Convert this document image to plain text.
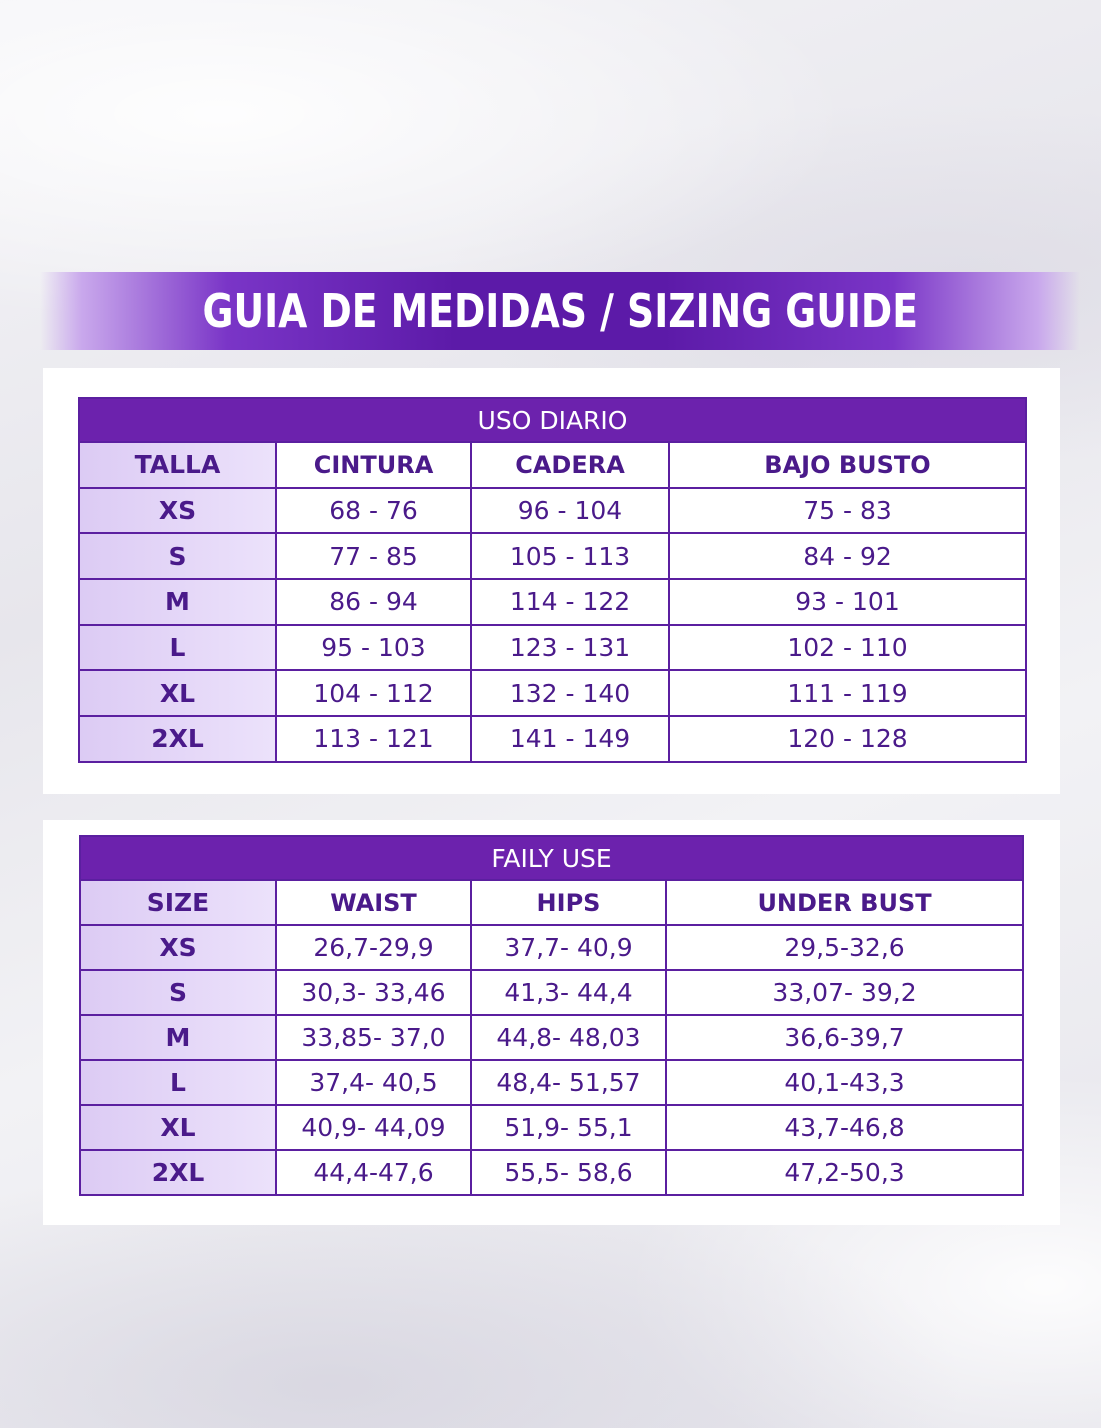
GUIA DE MEDIDAS / SIZING GUIDE
USO DIARIO			
TALLA	CINTURA	CADERA	BAJO BUSTO
XS	68 - 76	96 - 104	75 - 83
S	77 - 85	105 - 113	84 - 92
M	86 - 94	114 - 122	93 - 101
L	95 - 103	123 - 131	102 - 110
XL	104 - 112	132 - 140	111 - 119
2XL	113 - 121	141 - 149	120 - 128
FAILY USE			
SIZE	WAIST	HIPS	UNDER BUST
XS	26,7-29,9	37,7- 40,9	29,5-32,6
S	30,3- 33,46	41,3- 44,4	33,07- 39,2
M	33,85- 37,0	44,8- 48,03	36,6-39,7
L	37,4- 40,5	48,4- 51,57	40,1-43,3
XL	40,9- 44,09	51,9- 55,1	43,7-46,8
2XL	44,4-47,6	55,5- 58,6	47,2-50,3
